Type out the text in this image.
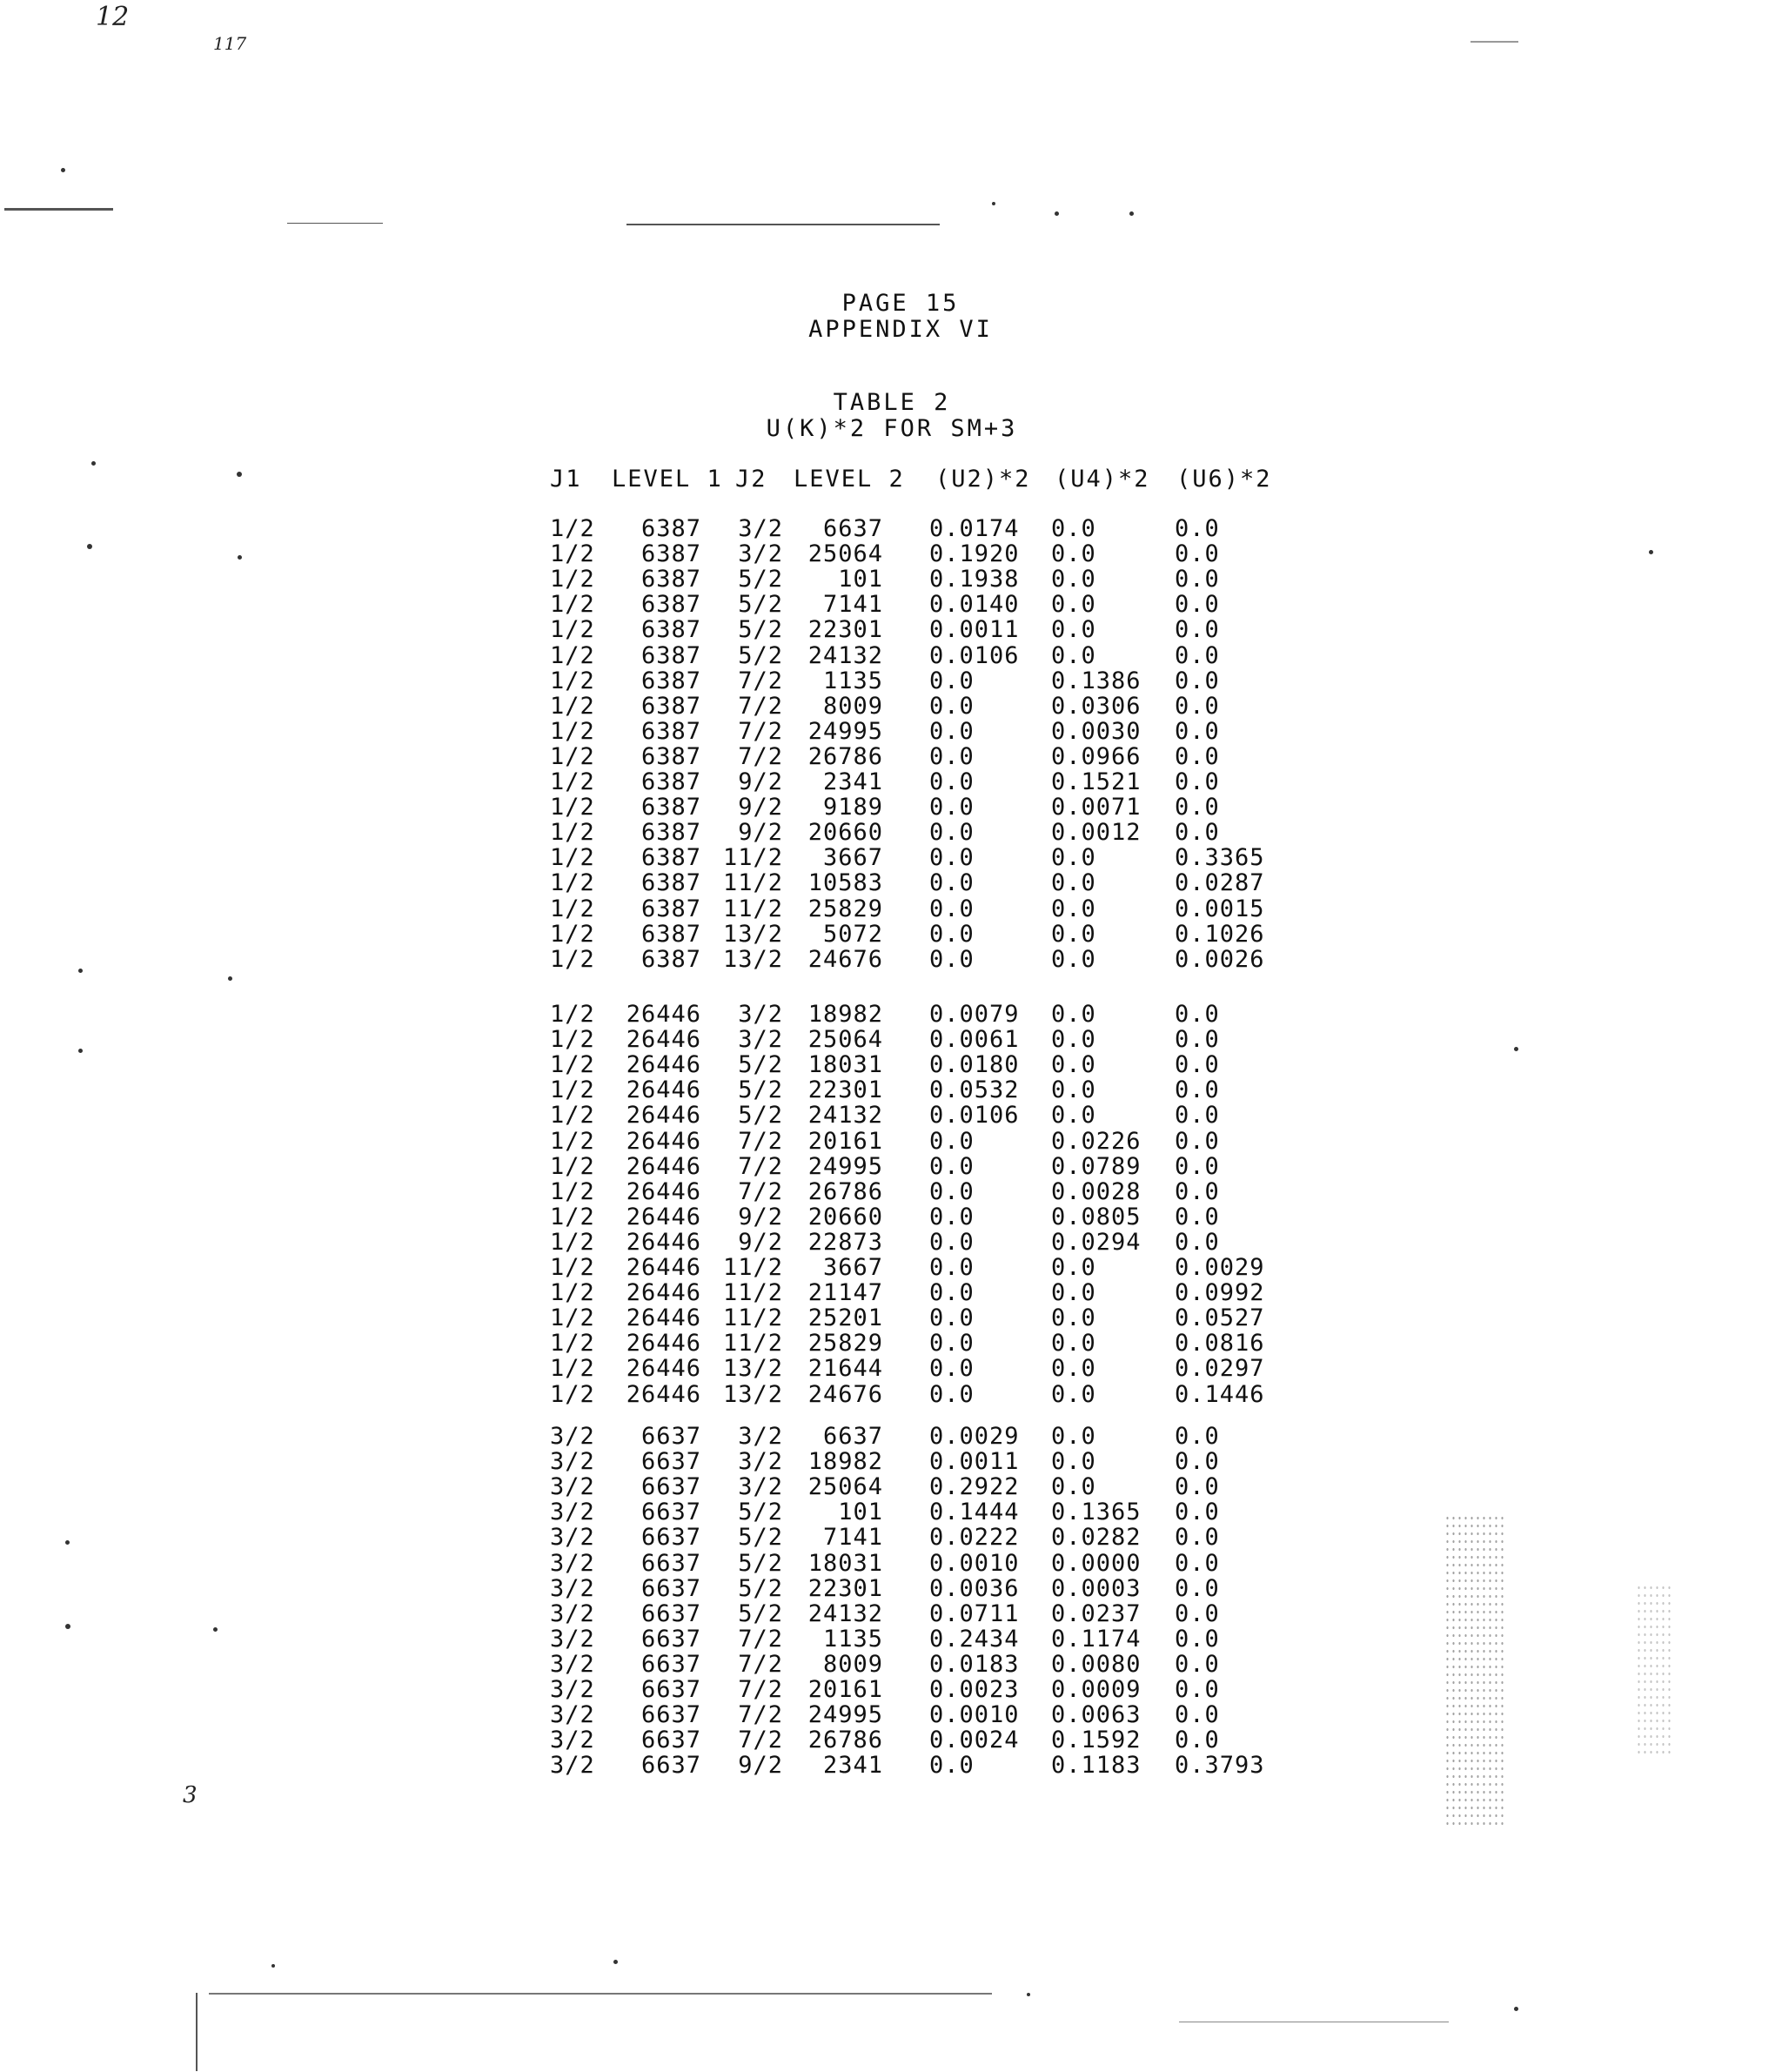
12
117
3
PAGE 15
APPENDIX VI
TABLE 2
U(K)*2 FOR SM+3
J1 LEVEL 1 J2 LEVEL 2 (U2)*2 (U4)*2 (U6)*2
1/2	6387	3/2	6637 0.0174 0.0	0.0
1/2	6387	3/2	25064 0.1920 0.0	0.0
1/2	6387	5/2	101 0.1938 0.0	0.0
1/2	6387	5/2	7141 0.0140 0.0	0.0
1/2	6387	5/2	22301 0.0011 0.0	0.0
1/2	6387	5/2	24132 0.0106 0.0	0.0
1/2	6387	7/2	1135 0.0	0.1386 0.0
1/2	6387	7/2	8009 0.0	0.0306 0.0
1/2	6387	7/2	24995 0.0	0.0030 0.0
1/2	6387	7/2	26786 0.0	0.0966 0.0
1/2	6387	9/2	2341 0.0	0.1521 0.0
1/2	6387	9/2	9189 0.0	0.0071 0.0
1/2	6387	9/2	20660 0.0	0.0012 0.0
1/2	6387 11/2	3667 0.0	0.0	0.3365
1/2	6387 11/2	10583 0.0	0.0	0.0287
1/2	6387 11/2	25829 0.0	0.0	0.0015
1/2	6387 13/2	5072 0.0	0.0	0.1026
1/2	6387 13/2	24676 0.0	0.0	0.0026
1/2	26446	3/2	18982 0.0079 0.0	0.0
1/2	26446	3/2	25064 0.0061 0.0	0.0
1/2	26446	5/2	18031 0.0180 0.0	0.0
1/2	26446	5/2	22301 0.0532 0.0	0.0
1/2	26446	5/2	24132 0.0106 0.0	0.0
1/2	26446	7/2	20161 0.0	0.0226 0.0
1/2	26446	7/2	24995 0.0	0.0789 0.0
1/2	26446	7/2	26786 0.0	0.0028 0.0
1/2	26446	9/2	20660 0.0	0.0805 0.0
1/2	26446	9/2	22873 0.0	0.0294 0.0
1/2	26446 11/2	3667 0.0	0.0	0.0029
1/2	26446 11/2	21147 0.0	0.0	0.0992
1/2	26446 11/2	25201 0.0	0.0	0.0527
1/2	26446 11/2	25829 0.0	0.0	0.0816
1/2	26446 13/2	21644 0.0	0.0	0.0297
1/2	26446 13/2	24676 0.0	0.0	0.1446
3/2	6637	3/2	6637 0.0029 0.0	0.0
3/2	6637	3/2	18982 0.0011 0.0	0.0
3/2	6637	3/2	25064 0.2922 0.0	0.0
3/2	6637	5/2	101 0.1444 0.1365 0.0
3/2	6637	5/2	7141 0.0222 0.0282 0.0
3/2	6637	5/2	18031 0.0010 0.0000 0.0
3/2	6637	5/2	22301 0.0036 0.0003 0.0
3/2	6637	5/2	24132 0.0711 0.0237 0.0
3/2	6637	7/2	1135 0.2434 0.1174 0.0
3/2	6637	7/2	8009 0.0183 0.0080 0.0
3/2	6637	7/2	20161 0.0023 0.0009 0.0
3/2	6637	7/2	24995 0.0010 0.0063 0.0
3/2	6637	7/2	26786 0.0024 0.1592 0.0
3/2	6637	9/2	2341 0.0	0.1183 0.3793
